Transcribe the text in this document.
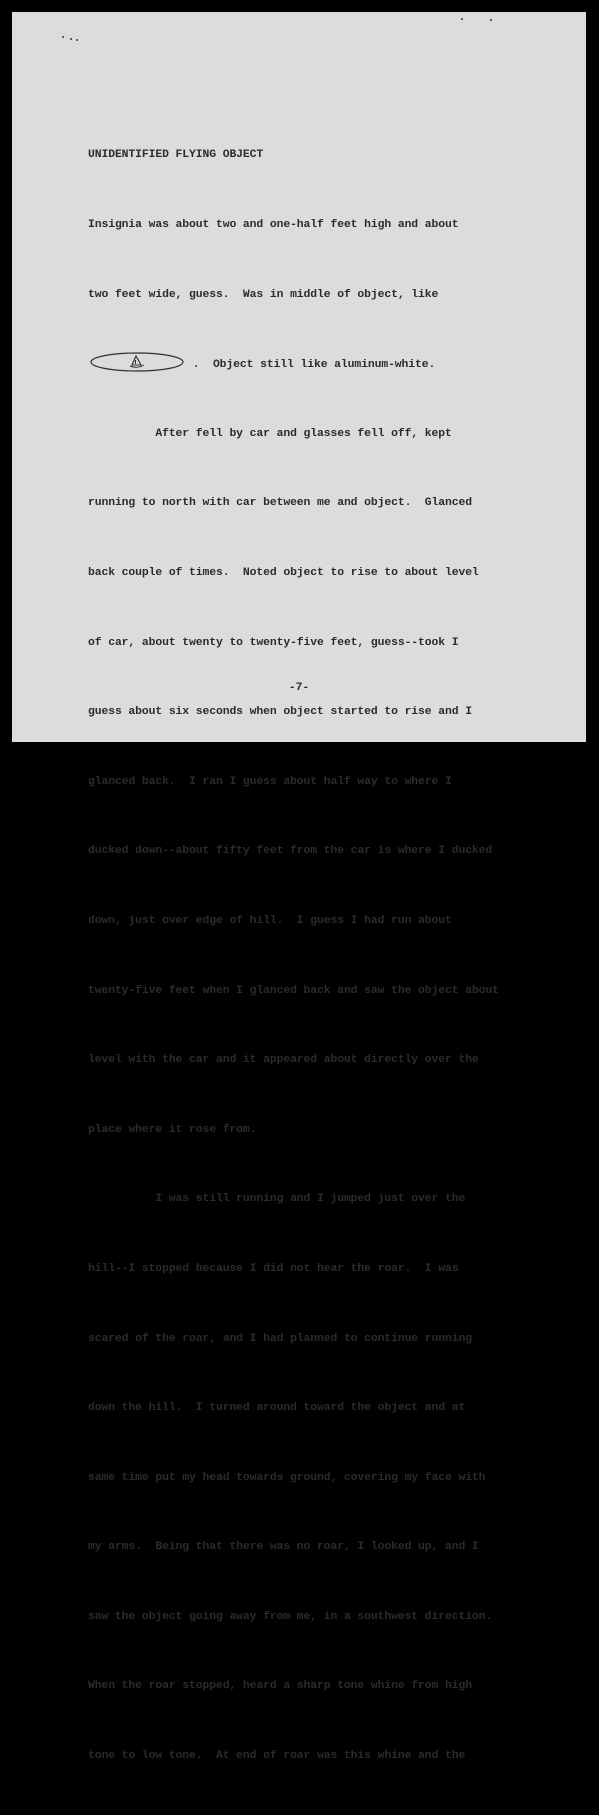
UNIDENTIFIED FLYING OBJECT

Insignia was about two and one-half feet high and about

two feet wide, guess.  Was in middle of object, like

.  Object still like aluminum-white.

After fell by car and glasses fell off, kept

running to north with car between me and object.  Glanced

back couple of times.  Noted object to rise to about level

of car, about twenty to twenty-five feet, guess--took I

guess about six seconds when object started to rise and I

glanced back.  I ran I guess about half way to where I

ducked down--about fifty feet from the car is where I ducked

down, just over edge of hill.  I guess I had run about

twenty-five feet when I glanced back and saw the object about

level with the car and it appeared about directly over the

place where it rose from.

I was still running and I jumped just over the

hill--I stopped because I did not hear the roar.  I was

scared of the roar, and I had planned to continue running

down the hill.  I turned around toward the object and at

same time put my head towards ground, covering my face with

my arms.  Being that there was no roar, I looked up, and I

saw the object going away from me, in a southwest direction.

When the roar stopped, heard a sharp tone whine from high

tone to low tone.  At end of roar was this whine and the

-7-
